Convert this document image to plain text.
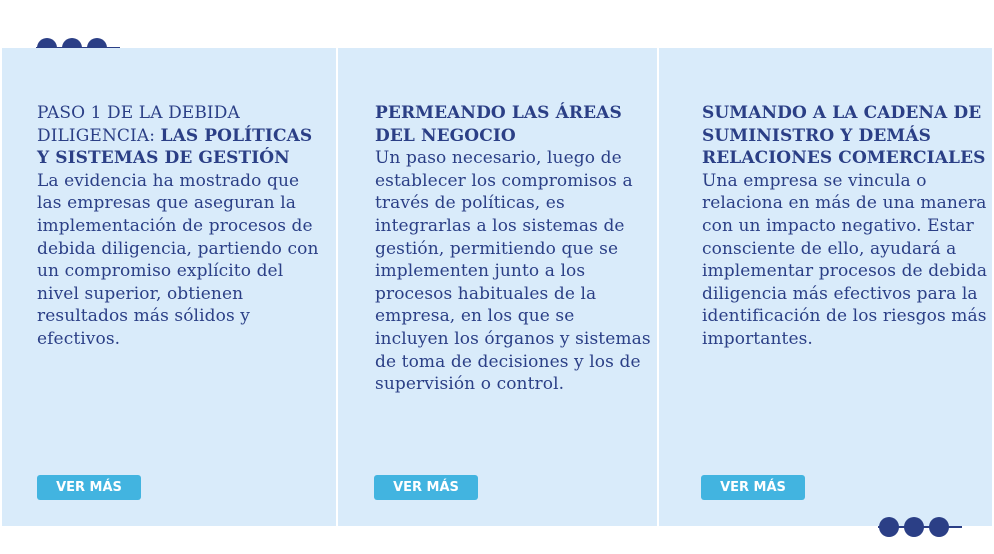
PASO 1 DE LA DEBIDA DILIGENCIA: LAS POLÍTICAS Y SISTEMAS DE GESTIÓN
La evidencia ha mostrado que las empresas que aseguran la implementación de procesos de debida diligencia, partiendo con un compromiso explícito del nivel superior, obtienen resultados más sólidos y efectivos.
VER MÁS
PERMEANDO LAS ÁREAS DEL NEGOCIO
Un paso necesario, luego de establecer los compromisos a través de políticas, es integrarlas a los sistemas de gestión, permitiendo que se implementen junto a los procesos habituales de la empresa, en los que se incluyen los órganos y sistemas de toma de decisiones y los de supervisión o control.
VER MÁS
SUMANDO A LA CADENA DE SUMINISTRO Y DEMÁS RELACIONES COMERCIALES
Una empresa se vincula o relaciona en más de una manera con un impacto negativo. Estar consciente de ello, ayudará a implementar procesos de debida diligencia más efectivos para la identificación de los riesgos más importantes.
VER MÁS
